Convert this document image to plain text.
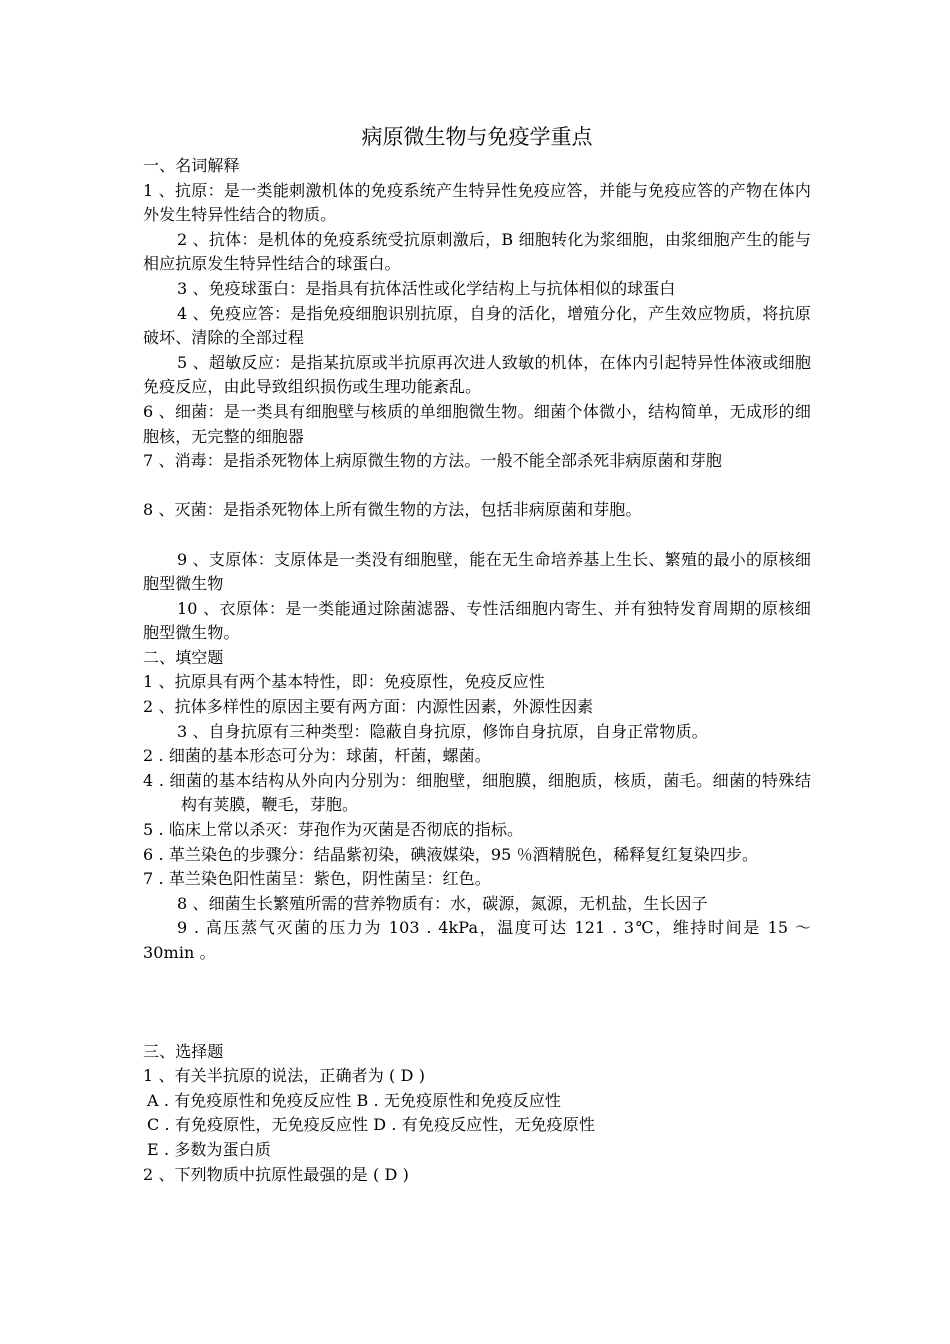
病原微生物与免疫学重点

一、名词解释

1 、抗原：是一类能刺激机体的免疫系统产生特异性免疫应答，并能与免疫应答的产物在体内外发生特异性结合的物质。

2 、抗体：是机体的免疫系统受抗原刺激后，B 细胞转化为浆细胞，由浆细胞产生的能与相应抗原发生特异性结合的球蛋白。

3 、免疫球蛋白：是指具有抗体活性或化学结构上与抗体相似的球蛋白

4 、免疫应答：是指免疫细胞识别抗原，自身的活化，增殖分化，产生效应物质，将抗原破坏、清除的全部过程

5 、超敏反应：是指某抗原或半抗原再次进人致敏的机体，在体内引起特异性体液或细胞免疫反应，由此导致组织损伤或生理功能紊乱。

6 、细菌：是一类具有细胞壁与核质的单细胞微生物。细菌个体微小，结构简单，无成形的细胞核，无完整的细胞器

7 、消毒：是指杀死物体上病原微生物的方法。一般不能全部杀死非病原菌和芽胞

8 、灭菌：是指杀死物体上所有微生物的方法，包括非病原菌和芽胞。

9 、支原体：支原体是一类没有细胞壁，能在无生命培养基上生长、繁殖的最小的原核细胞型微生物

10 、衣原体：是一类能通过除菌滤器、专性活细胞内寄生、并有独特发育周期的原核细胞型微生物。

二、填空题

1 、抗原具有两个基本特性，即：免疫原性，免疫反应性

2 、抗体多样性的原因主要有两方面：内源性因素，外源性因素

3 、自身抗原有三种类型：隐蔽自身抗原，修饰自身抗原，自身正常物质。

2 . 细菌的基本形态可分为：球菌，杆菌，螺菌。

4 . 细菌的基本结构从外向内分别为：细胞壁，细胞膜，细胞质，核质，菌毛。细菌的特殊结构有荚膜，鞭毛，芽胞。

5 . 临床上常以杀灭：芽孢作为灭菌是否彻底的指标。

6 . 革兰染色的步骤分：结晶紫初染，碘液媒染，95 ％酒精脱色，稀释复红复染四步。

7 . 革兰染色阳性菌呈：紫色，阴性菌呈：红色。

8 、细菌生长繁殖所需的营养物质有：水，碳源，氮源，无机盐，生长因子

9 . 高压蒸气灭菌的压力为 103 . 4kPa，温度可达 121 . 3℃，维持时间是 15 ～ 30min 。

三、选择题

1 、有关半抗原的说法，正确者为 ( D )

A . 有免疫原性和免疫反应性 B . 无免疫原性和免疫反应性

C . 有免疫原性，无免疫反应性 D . 有免疫反应性，无免疫原性

E . 多数为蛋白质

2 、下列物质中抗原性最强的是 ( D )
